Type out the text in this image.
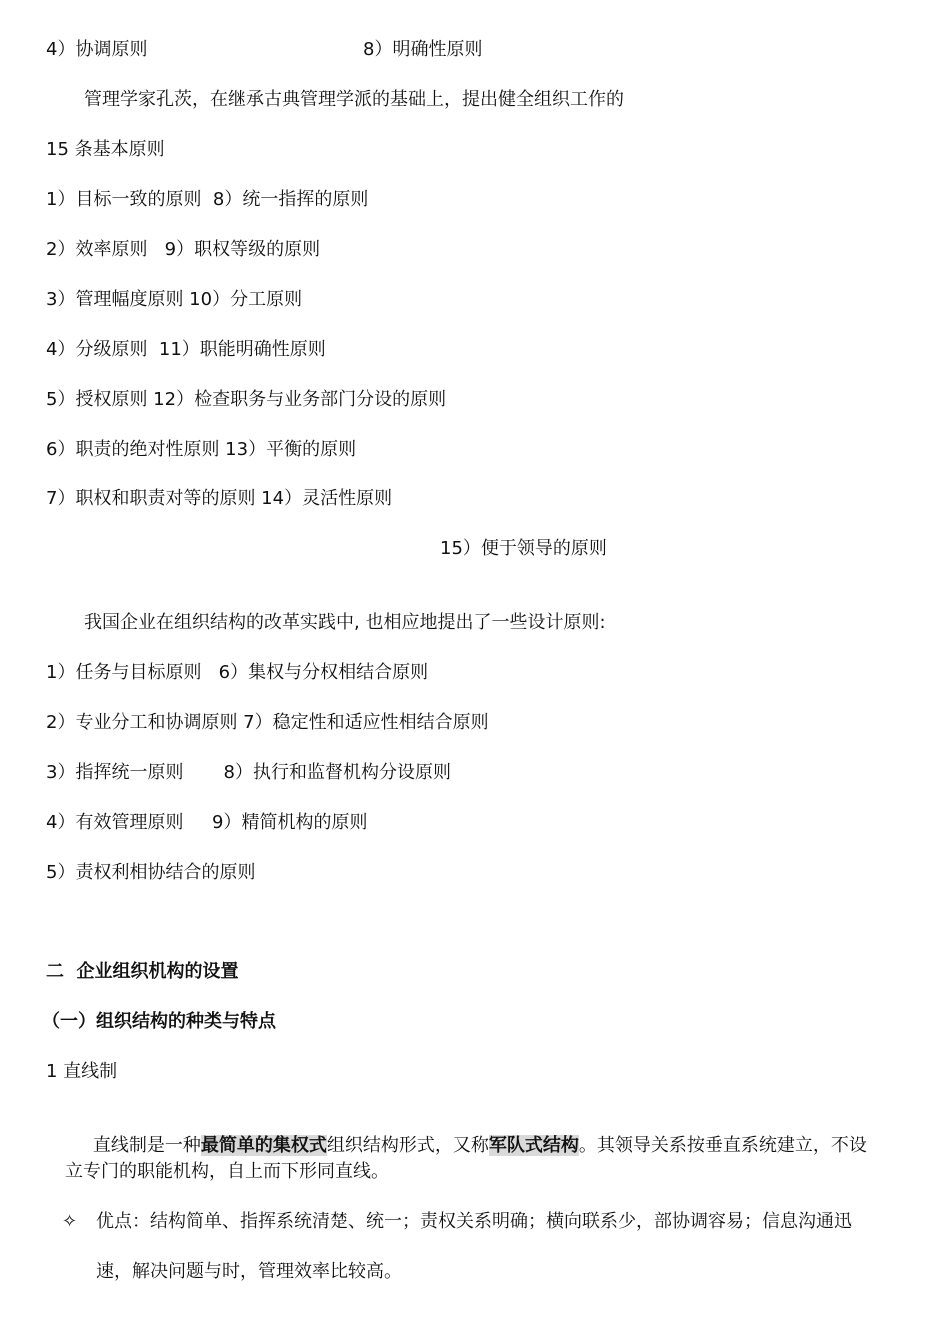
4）协调原则	8）明确性原则
管理学家孔茨，在继承古典管理学派的基础上，提出健全组织工作的
15 条基本原则
1）目标一致的原则  8）统一指挥的原则
2）效率原则   9）职权等级的原则
3）管理幅度原则 10）分工原则
4）分级原则  11）职能明确性原则
5）授权原则 12）检查职务与业务部门分设的原则
6）职责的绝对性原则 13）平衡的原则
7）职权和职责对等的原则 14）灵活性原则
15）便于领导的原则
我国企业在组织结构的改革实践中, 也相应地提出了一些设计原则:
1）任务与目标原则   6）集权与分权相结合原则
2）专业分工和协调原则 7）稳定性和适应性相结合原则
3）指挥统一原则       8）执行和监督机构分设原则
4）有效管理原则     9）精简机构的原则
5）责权利相协结合的原则
二  企业组织机构的设置
（一）组织结构的种类与特点
1 直线制

直线制是一种最简单的集权式组织结构形式，又称军队式结构。其领导关系按垂直系统建立，不设

立专门的职能机构，自上而下形同直线。
✧ 优点：结构简单、指挥系统清楚、统一；责权关系明确；横向联系少，部协调容易；信息沟通迅
速，解决问题与时，管理效率比较高。
